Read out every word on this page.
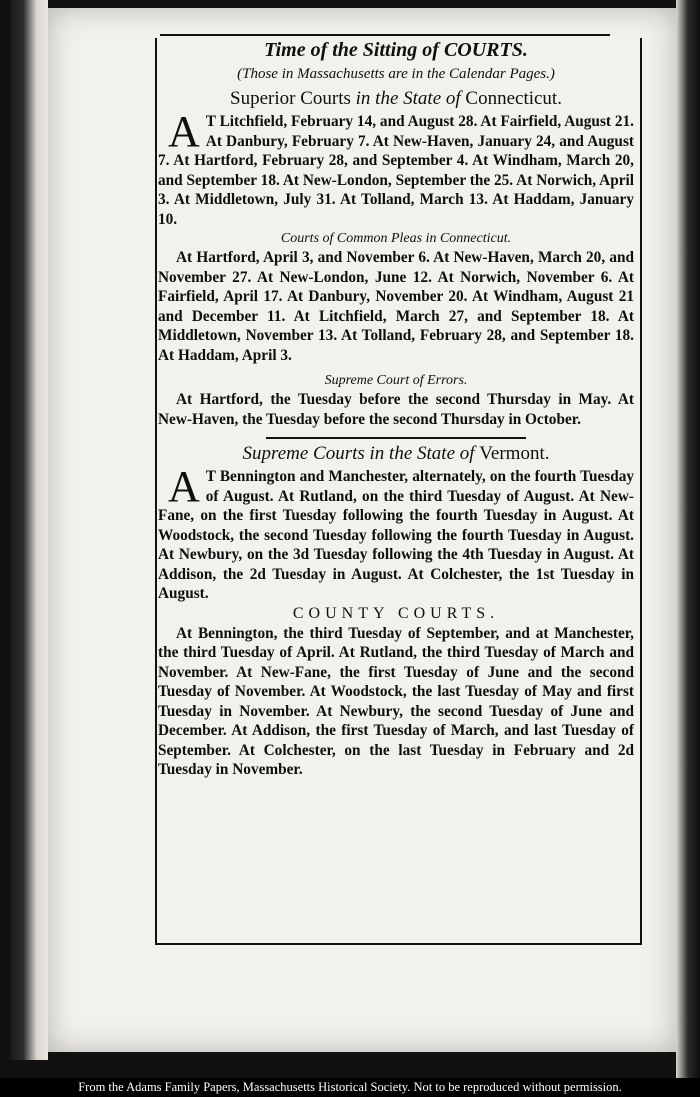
Time of the Sitting of COURTS.
(Those in Massachusetts are in the Calendar Pages.)
Superior Courts in the State of Connecticut.

A T Litchfield, February 14, and August 28. At Fairfield, August 21. At Danbury, February 7. At New-Haven, January 24, and August 7. At Hartford, February 28, and September 4. At Windham, March 20, and September 18. At New-London, September the 25. At Norwich, April 3. At Middletown, July 31. At Tolland, March 13. At Haddam, January 10.

Courts of Common Pleas in Connecticut.

At Hartford, April 3, and November 6. At New-Haven, March 20, and November 27. At New-London, June 12. At Norwich, November 6. At Fairfield, April 17. At Danbury, November 20. At Windham, August 21 and December 11. At Litchfield, March 27, and September 18. At Middletown, November 13. At Tolland, February 28, and September 18. At Haddam, April 3.

Supreme Court of Errors.

At Hartford, the Tuesday before the second Thursday in May. At New-Haven, the Tuesday before the second Thursday in October.

Supreme Courts in the State of Vermont.

A T Bennington and Manchester, alternately, on the fourth Tuesday of August. At Rutland, on the third Tuesday of August. At New-Fane, on the first Tuesday following the fourth Tuesday in August. At Woodstock, the second Tuesday following the fourth Tuesday in August. At Newbury, on the 3d Tuesday following the 4th Tuesday in August. At Addison, the 2d Tuesday in August. At Colchester, the 1st Tuesday in August.

COUNTY COURTS.

At Bennington, the third Tuesday of September, and at Manchester, the third Tuesday of April. At Rutland, the third Tuesday of March and November. At New-Fane, the first Tuesday of June and the second Tuesday of November. At Woodstock, the last Tuesday of May and first Tuesday in November. At Newbury, the second Tuesday of June and December. At Addison, the first Tuesday of March, and last Tuesday of September. At Colchester, on the last Tuesday in February and 2d Tuesday in November.

From the Adams Family Papers, Massachusetts Historical Society. Not to be reproduced without permission.
